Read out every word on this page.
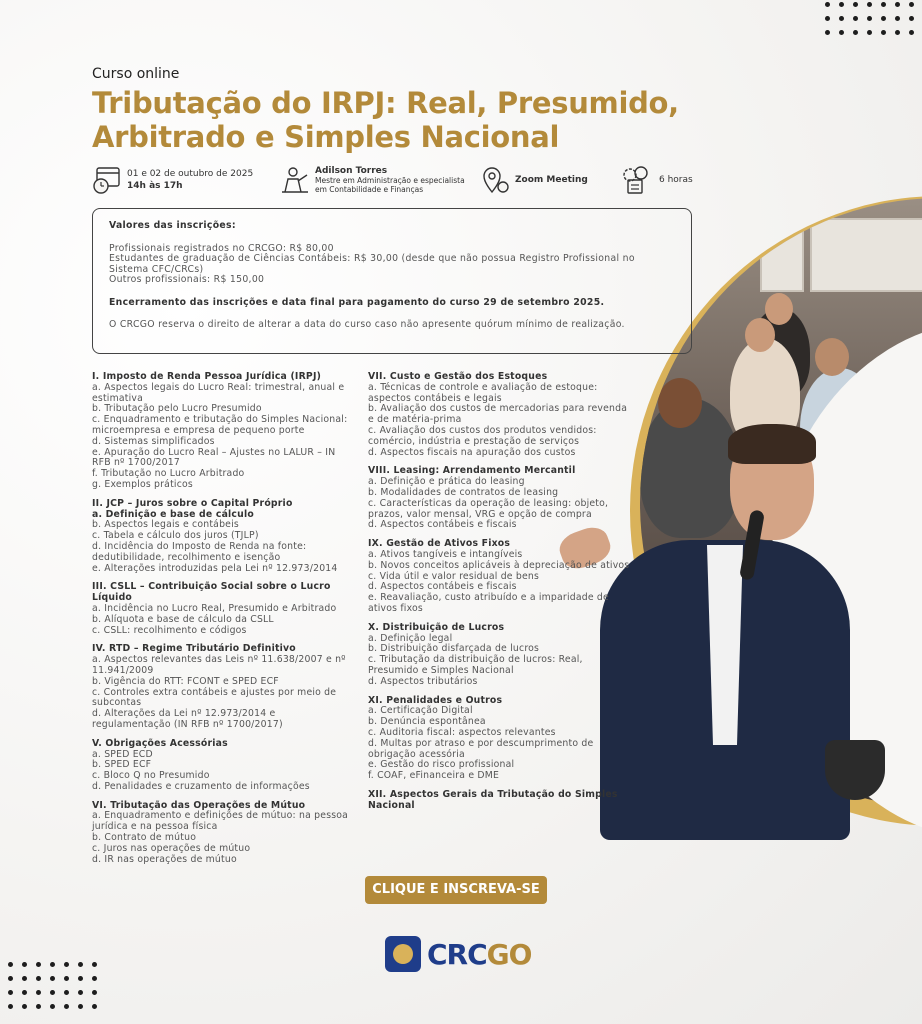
Curso online
Tributação do IRPJ: Real, Presumido, Arbitrado e Simples Nacional
01 e 02 de outubro de 2025
14h às 17h
Adilson Torres
Mestre em Administração e especialista
em Contabilidade e Finanças
Zoom Meeting	6 horas

Valores das inscrições:

Profissionais registrados no CRCGO: R$ 80,00

Estudantes de graduação de Ciências Contábeis: R$ 30,00 (desde que não possua Registro Profissional no Sistema CFC/CRCs)

Outros profissionais: R$ 150,00

Encerramento das inscrições e data final para pagamento do curso 29 de setembro 2025.

O CRCGO reserva o direito de alterar a data do curso caso não apresente quórum mínimo de realização.

I. Imposto de Renda Pessoa Jurídica (IRPJ)
a. Aspectos legais do Lucro Real: trimestral, anual e estimativa
b. Tributação pelo Lucro Presumido
c. Enquadramento e tributação do Simples Nacional: microempresa e empresa de pequeno porte
d. Sistemas simplificados
e. Apuração do Lucro Real – Ajustes no LALUR – IN RFB nº 1700/2017
f. Tributação no Lucro Arbitrado
g. Exemplos práticos
II. JCP – Juros sobre o Capital Próprio
a. Definição e base de cálculo
b. Aspectos legais e contábeis
c. Tabela e cálculo dos juros (TJLP)
d. Incidência do Imposto de Renda na fonte: dedutibilidade, recolhimento e isenção
e. Alterações introduzidas pela Lei nº 12.973/2014
III. CSLL – Contribuição Social sobre o Lucro Líquido
a. Incidência no Lucro Real, Presumido e Arbitrado
b. Alíquota e base de cálculo da CSLL
c. CSLL: recolhimento e códigos
IV. RTD – Regime Tributário Definitivo
a. Aspectos relevantes das Leis nº 11.638/2007 e nº 11.941/2009
b. Vigência do RTT: FCONT e SPED ECF
c. Controles extra contábeis e ajustes por meio de subcontas
d. Alterações da Lei nº 12.973/2014 e regulamentação (IN RFB nº 1700/2017)
V. Obrigações Acessórias
a. SPED ECD
b. SPED ECF
c. Bloco Q no Presumido
d. Penalidades e cruzamento de informações
VI. Tributação das Operações de Mútuo
a. Enquadramento e definições de mútuo: na pessoa jurídica e na pessoa física
b. Contrato de mútuo
c. Juros nas operações de mútuo
d. IR nas operações de mútuo
VII. Custo e Gestão dos Estoques
a. Técnicas de controle e avaliação de estoque: aspectos contábeis e legais
b. Avaliação dos custos de mercadorias para revenda e de matéria-prima
c. Avaliação dos custos dos produtos vendidos: comércio, indústria e prestação de serviços
d. Aspectos fiscais na apuração dos custos
VIII. Leasing: Arrendamento Mercantil
a. Definição e prática do leasing
b. Modalidades de contratos de leasing
c. Características da operação de leasing: objeto, prazos, valor mensal, VRG e opção de compra
d. Aspectos contábeis e fiscais
IX. Gestão de Ativos Fixos
a. Ativos tangíveis e intangíveis
b. Novos conceitos aplicáveis à depreciação de ativos
c. Vida útil e valor residual de bens
d. Aspectos contábeis e fiscais
e. Reavaliação, custo atribuído e a imparidade de ativos fixos
X. Distribuição de Lucros
a. Definição legal
b. Distribuição disfarçada de lucros
c. Tributação da distribuição de lucros: Real, Presumido e Simples Nacional
d. Aspectos tributários
XI. Penalidades e Outros
a. Certificação Digital
b. Denúncia espontânea
c. Auditoria fiscal: aspectos relevantes
d. Multas por atraso e por descumprimento de obrigação acessória
e. Gestão do risco profissional
f. COAF, eFinanceira e DME
XII. Aspectos Gerais da Tributação do Simples Nacional
CLIQUE E INSCREVA-SE
CRCGO
